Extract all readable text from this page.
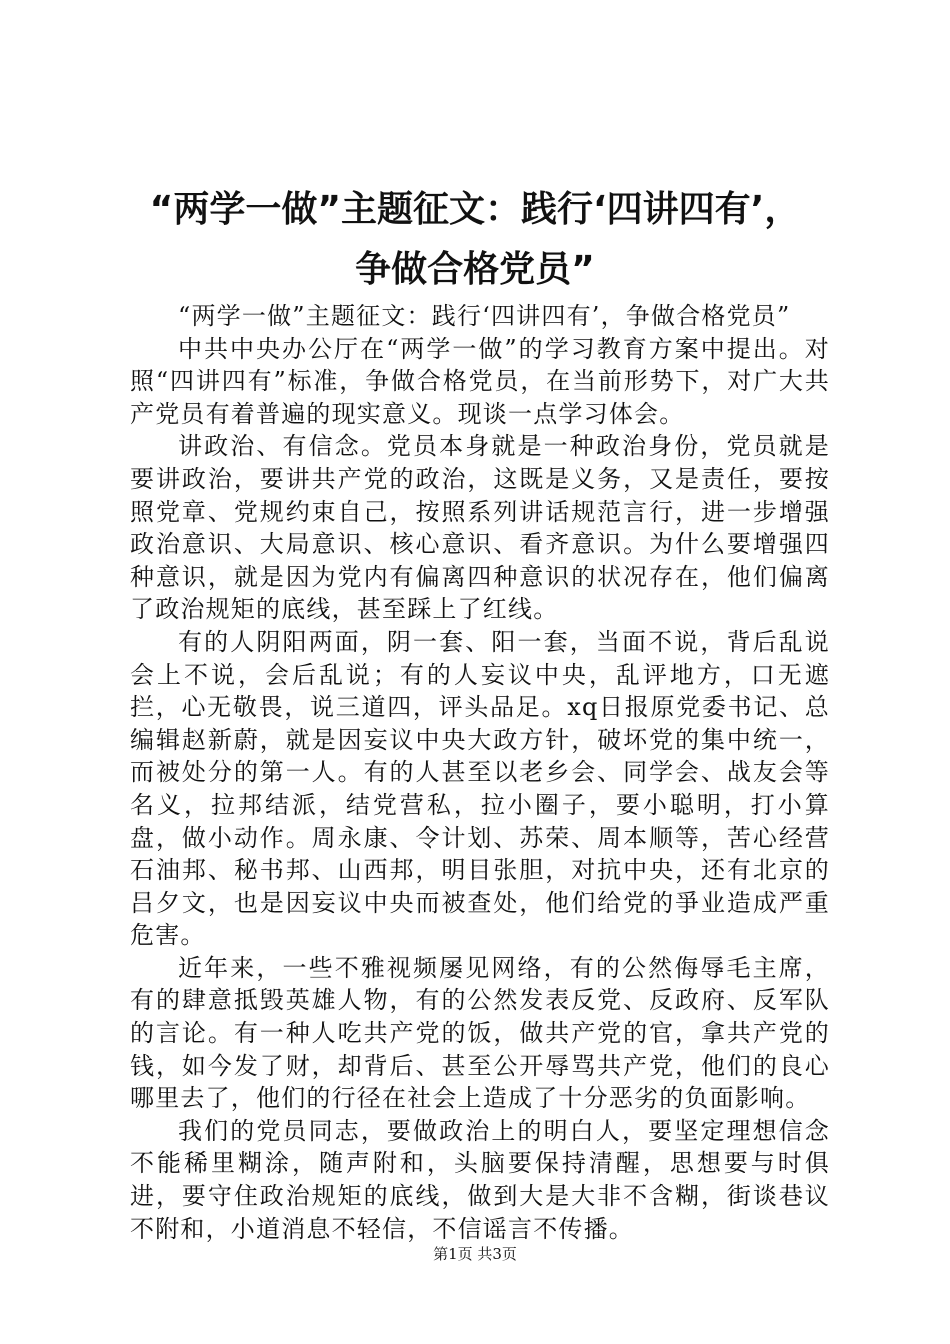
“两学一做”主题征文：践行‘四讲四有’，
争做合格党员”

“两学一做”主题征文：践行‘四讲四有’，争做合格党员”

中共中央办公厅在“两学一做”的学习教育方案中提出。对照“四讲四有”标准，争做合格党员，在当前形势下，对广大共产党员有着普遍的现实意义。现谈一点学习体会。

讲政治、有信念。党员本身就是一种政治身份，党员就是要讲政治，要讲共产党的政治，这既是义务，又是责任，要按照党章、党规约束自己，按照系列讲话规范言行，进一步增强政治意识、大局意识、核心意识、看齐意识。为什么要增强四种意识，就是因为党内有偏离四种意识的状况存在，他们偏离了政治规矩的底线，甚至踩上了红线。

有的人阴阳两面，阴一套、阳一套，当面不说，背后乱说会上不说，会后乱说；有的人妄议中央，乱评地方，口无遮拦，心无敬畏，说三道四，评头品足。xq日报原党委书记、总编辑赵新蔚，就是因妄议中央大政方针，破坏党的集中统一，而被处分的第一人。有的人甚至以老乡会、同学会、战友会等名义，拉邦结派，结党营私，拉小圈子，要小聪明，打小算盘，做小动作。周永康、令计划、苏荣、周本顺等，苦心经营石油邦、秘书邦、山西邦，明目张胆，对抗中央，还有北京的吕夕文，也是因妄议中央而被查处，他们给党的爭业造成严重危害。

近年来，一些不雅视频屡见网络，有的公然侮辱毛主席，有的肆意抵毁英雄人物，有的公然发表反党、反政府、反军队的言论。有一种人吃共产党的饭，做共产党的官，拿共产党的钱，如今发了财，却背后、甚至公开辱骂共产党，他们的良心哪里去了，他们的行径在社会上造成了十分恶劣的负面影响。

我们的党员同志，要做政治上的明白人，要坚定理想信念不能稀里糊涂，随声附和，头脑要保持清醒，思想要与时俱进，要守住政治规矩的底线，做到大是大非不含糊，街谈巷议不附和，小道消息不轻信，不信谣言不传播。

第1页 共3页
